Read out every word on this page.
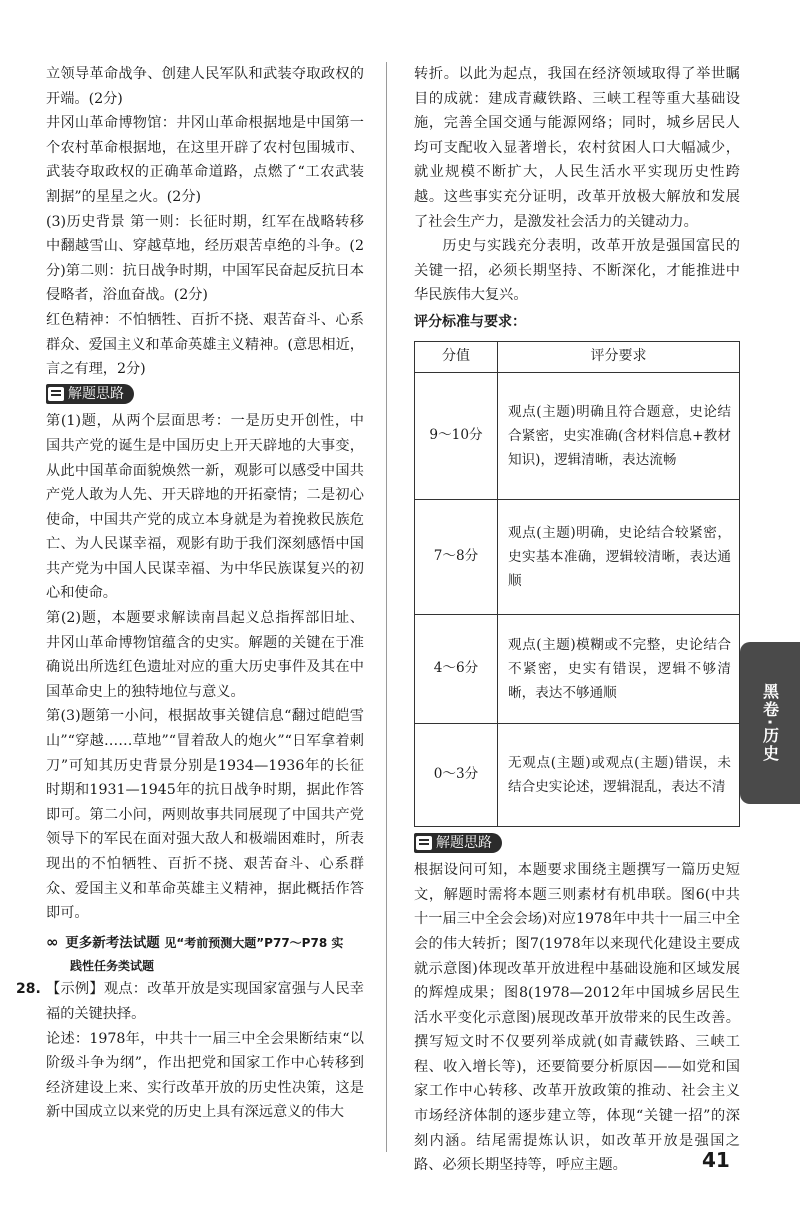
立领导革命战争、创建人民军队和武装夺取政权的开端。(2分)

井冈山革命博物馆：井冈山革命根据地是中国第一个农村革命根据地，在这里开辟了农村包围城市、武装夺取政权的正确革命道路，点燃了“工农武装割据”的星星之火。(2分)

(3)历史背景 第一则：长征时期，红军在战略转移中翻越雪山、穿越草地，经历艰苦卓绝的斗争。(2分)第二则：抗日战争时期，中国军民奋起反抗日本侵略者，浴血奋战。(2分)

红色精神：不怕牺牲、百折不挠、艰苦奋斗、心系群众、爱国主义和革命英雄主义精神。(意思相近，言之有理，2分)

解题思路

第(1)题，从两个层面思考：一是历史开创性，中国共产党的诞生是中国历史上开天辟地的大事变，从此中国革命面貌焕然一新，观影可以感受中国共产党人敢为人先、开天辟地的开拓豪情；二是初心使命，中国共产党的成立本身就是为着挽救民族危亡、为人民谋幸福，观影有助于我们深刻感悟中国共产党为中国人民谋幸福、为中华民族谋复兴的初心和使命。

第(2)题，本题要求解读南昌起义总指挥部旧址、井冈山革命博物馆蕴含的史实。解题的关键在于准确说出所选红色遗址对应的重大历史事件及其在中国革命史上的独特地位与意义。

第(3)题第一小问，根据故事关键信息“翻过皑皑雪山”“穿越……草地”“冒着敌人的炮火”“日军拿着刺刀”可知其历史背景分别是1934—1936年的长征时期和1931—1945年的抗日战争时期，据此作答即可。第二小问，两则故事共同展现了中国共产党领导下的军民在面对强大敌人和极端困难时，所表现出的不怕牺牲、百折不挠、艰苦奋斗、心系群众、爱国主义和革命英雄主义精神，据此概括作答即可。

∞ 更多新考法试题 见“考前预测大题”P77～P78 实
践性任务类试题
28. 【示例】观点：改革开放是实现国家富强与人民幸福的关键抉择。

论述：1978年，中共十一届三中全会果断结束“以阶级斗争为纲”，作出把党和国家工作中心转移到经济建设上来、实行改革开放的历史性决策，这是新中国成立以来党的历史上具有深远意义的伟大

转折。以此为起点，我国在经济领域取得了举世瞩目的成就：建成青藏铁路、三峡工程等重大基础设施，完善全国交通与能源网络；同时，城乡居民人均可支配收入显著增长，农村贫困人口大幅减少，就业规模不断扩大，人民生活水平实现历史性跨越。这些事实充分证明，改革开放极大解放和发展了社会生产力，是激发社会活力的关键动力。

历史与实践充分表明，改革开放是强国富民的关键一招，必须长期坚持、不断深化，才能推进中华民族伟大复兴。

评分标准与要求：
分值	评分要求
9～10分	观点(主题)明确且符合题意，史论结合紧密，史实准确(含材料信息+教材知识)，逻辑清晰，表达流畅
7～8分	观点(主题)明确，史论结合较紧密，史实基本准确，逻辑较清晰，表达通顺
4～6分	观点(主题)模糊或不完整，史论结合不紧密，史实有错误，逻辑不够清晰，表达不够通顺
0～3分	无观点(主题)或观点(主题)错误，未结合史实论述，逻辑混乱，表达不清
解题思路

根据设问可知，本题要求围绕主题撰写一篇历史短文，解题时需将本题三则素材有机串联。图6(中共十一届三中全会会场)对应1978年中共十一届三中全会的伟大转折；图7(1978年以来现代化建设主要成就示意图)体现改革开放进程中基础设施和区域发展的辉煌成果；图8(1978—2012年中国城乡居民生活水平变化示意图)展现改革开放带来的民生改善。撰写短文时不仅要列举成就(如青藏铁路、三峡工程、收入增长等)，还要简要分析原因——如党和国家工作中心转移、改革开放政策的推动、社会主义市场经济体制的逐步建立等，体现“关键一招”的深刻内涵。结尾需提炼认识，如改革开放是强国之路、必须长期坚持等，呼应主题。

黑卷·历史
41
